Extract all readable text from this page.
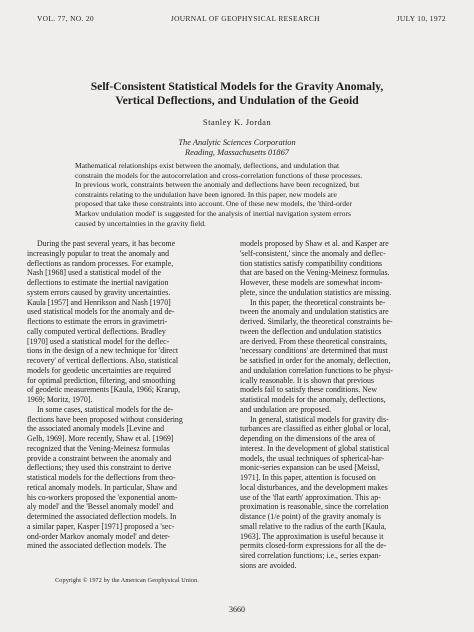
VOL. 77, NO. 20	JOURNAL OF GEOPHYSICAL RESEARCH	JULY 10, 1972
Self-Consistent Statistical Models for the Gravity Anomaly,
Vertical Deflections, and Undulation of the Geoid
Stanley K. Jordan
The Analytic Sciences Corporation
Reading, Massachusetts 01867
Mathematical relationships exist between the anomaly, deflections, and undulation that
constrain the models for the autocorrelation and cross-correlation functions of these processes.
In previous work, constraints between the anomaly and deflections have been recognized, but
constraints relating to the undulation have been ignored. In this paper, new models are
proposed that take these constraints into account. One of these new models, the 'third-order
Markov undulation model' is suggested for the analysis of inertial navigation system errors
caused by uncertainties in the gravity field.
During the past several years, it has become
increasingly popular to treat the anomaly and
deflections as random processes. For example,
Nash [1968] used a statistical model of the
deflections to estimate the inertial navigation
system errors caused by gravity uncertainties.
Kaula [1957] and Henrikson and Nash [1970]
used statistical models for the anomaly and de-
flections to estimate the errors in gravimetri-
cally computed vertical deflections. Bradley
[1970] used a statistical model for the deflec-
tions in the design of a new technique for 'direct
recovery' of vertical deflections. Also, statistical
models for geodetic uncertainties are required
for optimal prediction, filtering, and smoothing
of geodetic measurements [Kaula, 1966; Krarup,
1969; Moritz, 1970].
In some cases, statistical models for the de-
flections have been proposed without considering
the associated anomaly models [Levine and
Gelb, 1969]. More recently, Shaw et al. [1969]
recognized that the Vening-Meinesz formulas
provide a constraint between the anomaly and
deflections; they used this constraint to derive
statistical models for the deflections from theo-
retical anomaly models. In particular, Shaw and
his co-workers proposed the 'exponential anom-
aly model' and the 'Bessel anomaly model' and
determined the associated deflection models. In
a similar paper, Kasper [1971] proposed a 'sec-
ond-order Markov anomaly model' and deter-
mined the associated deflection models. The
models proposed by Shaw et al. and Kasper are
'self-consistent,' since the anomaly and deflec-
tion statistics satisfy compatibility conditions
that are based on the Vening-Meinesz formulas.
However, these models are somewhat incom-
plete, since the undulation statistics are missing.
In this paper, the theoretical constraints be-
tween the anomaly and undulation statistics are
derived. Similarly, the theoretical constraints be-
tween the deflection and undulation statistics
are derived. From these theoretical constraints,
'necessary conditions' are determined that must
be satisfied in order for the anomaly, deflection,
and undulation correlation functions to be physi-
ically reasonable. It is shown that previous
models fail to satisfy these conditions. New
statistical models for the anomaly, deflections,
and undulation are proposed.
In general, statistical models for gravity dis-
turbances are classified as either global or local,
depending on the dimensions of the area of
interest. In the development of global statistical
models, the usual techniques of spherical-har-
monic-series expansion can be used [Meissl,
1971]. In this paper, attention is focused on
local disturbances, and the development makes
use of the 'flat earth' approximation. This ap-
proximation is reasonable, since the correlation
distance (1/e point) of the gravity anomaly is
small relative to the radius of the earth [Kaula,
1963]. The approximation is useful because it
permits closed-form expressions for all the de-
sired correlation functions; i.e., series expan-
sions are avoided.
Copyright © 1972 by the American Geophysical Union.
3660
